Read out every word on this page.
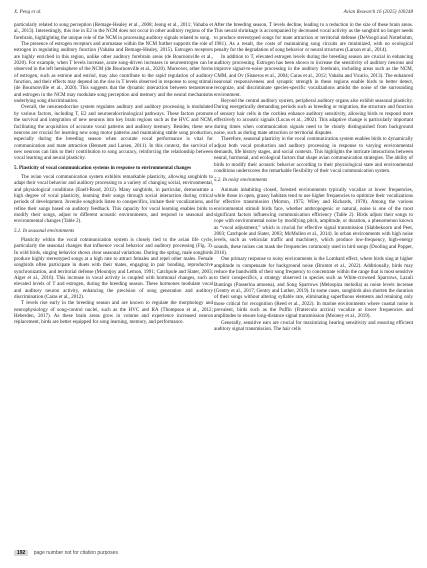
X. Peng et al.	Avian Research 16 (2025) 100248

particularly related to song perception (Remage-Healey et al., 2008; Jeong et al., 2011; Vahaba et al., 2013). Interestingly, this rise in E2 in the NCM does not occur in other auditory regions of the forebrain, highlighting the unique role of the NCM in processing auditory signals related to song.

The presence of estrogen receptors and aromatase within the NCM further supports the role of estrogen in regulating auditory function (Vahaba and Remage-Healey, 2015). Estrogen receptors are highly enriched in this region, unlike other auditory forebrain areas (de Bournonville et al., 2020). For example, when T levels increase, acute song-driven increases in neuroestrogen can be observed in the left hemisphere of the NCM (de Bournonville et al., 2020). Moreover, other forms of estrogen, such as estrone and estriol, may also contribute to the rapid regulation of auditory function, and their effects may depend on the rise in T levels observed in response to song stimuli (de Bournonville et al., 2020). This suggests that the dynamic interaction between testosterone and estrogen in the NCM may modulate song perception and memory and the neural mechanisms underlying song discrimination.

Overall, the neuroendocrine system regulates auditory and auditory processing is modulated by various factors, including T, E2 and neuroendocrinological pathways. These factors promote the survival and integration of new neurons into key brain regions such as the HVC and NCM, facilitating the acquisition of accurate vocal patterns and auditory memory. Besides, these new neurons are crucial for learning new song motor patterns and maintaining stable song production, especially during the breeding season when accurate vocal performance is vital for communication and mate attraction (Bennett and Larsen, 2011). In this context, the survival of new neurons can link to their contribution to song accuracy, reinforcing the relationship between vocal learning and neural plasticity.

5. Plasticity of vocal communication systems in response to environmental changes

The avian vocal communication system exhibits remarkable plasticity, allowing songbirds to adapt their vocal behavior and auditory processing to a variety of changing social, environmental, and physiological conditions (Enell-Rood, 2012). Many songbirds, in particular, demonstrate a high degree of vocal plasticity, learning their songs through social interaction during critical periods of development. Juvenile songbirds listen to conspecifics, imitate their vocalizations, and refine their songs based on auditory feedback. This capacity for vocal learning enables birds to modify their songs, adjust to different acoustic environments, and respond to seasonal and environmental changes (Table 2).

5.1. In seasonal environments

Plasticity within the vocal communication system is closely tied to the avian life cycle, particularly the seasonal changes that influence vocal behavior and auditory processing (Fig. 3). In wild birds, singing behavior shows clear seasonal variations. During the spring, male songbirds produce highly stereotyped songs at a high rate to attract females and repel other males. Female songbirds often participate in duets with their mates, engaging in pair bonding, reproductive synchronization, and territorial defense (Mountjoy and Lemon, 1991; Catchpole and Slater, 2003; Alger et al., 2016). This increase in vocal activity is coupled with hormonal changes, such as elevated levels of T and estrogen, during the breeding season. These hormones modulate vocal and auditory neuron activity, enhancing the precision of song generation and auditory discrimination (Caras et al., 2012).

T levels rise early in the breeding season and are known to regulate the morphology and neurophysiology of song-control nuclei, such as the HVC and RA (Thompson et al., 2012; Heberden, 2017). As these brain areas grow in volume and experience increased neuron replacement, birds are better equipped for song learning, memory, and performance.

After the breeding season, T levels decline, leading to a reduction in the size of these brain areas. This neural shrinkage is accompanied by decreased vocal activity as the songbird no longer needs to produce stereotyped songs for mate attraction or territorial defense (DeVoogd and Nottebohm, 1981). As a result, the costs of maintaining song circuits are minimized, with no ecological penalty for the degradation of song behavior or neural structures (Larson et al., 2014).

In addition to T, elevated estrogen levels during the breeding season are crucial in enhancing auditory processing. Estrogen has been shown to increase the sensitivity of auditory neurons and improve signal-to-noise processing in the auditory forebrain, including areas such as the NCM, CMM, and Ov (Sisneros et al., 2004; Caras et al., 2012; Vahaba and Vicario, 2013). The enhanced neuronal responsiveness and synaptic strength in these regions enable birds to better detect, recognize, and discriminate species-specific vocalizations amidst the noise of the surrounding environment.

Beyond the central auditory system, peripheral auditory organs also exhibit seasonal plasticity. During energetically demanding periods such as breeding or migration, the structure and function of sensory hair cells in the cochlea enhance auditory sensitivity, allowing birds to respond more effectively to acoustic signals (Lucas et al., 2002). This adaptive change is particularly important during times when communication signals need to be clearly distinguished from background noise, such as during mate attraction or territorial disputes.

Therefore, seasonal plasticity in the vocal communication system enables birds to dynamically adjust both vocal production and auditory processing in response to varying environmental demands, life history stages, and social contexts. This highlights the intricate interactions between neural, hormonal, and ecological factors that shape avian communication strategies. The ability of birds to modify their acoustic behavior according to their physiological state and environmental conditions underscores the remarkable flexibility of their vocal communication system.

5.2. In noisy environments

Animals inhabiting closed, forested environments typically vocalize at lower frequencies, while those in open, grassy habitats tend to use higher frequencies to optimize their vocalizations for effective transmission (Morton, 1975; Wiley and Richards, 1978). Among the various environmental stimuli birds face, whether anthropogenic or natural, noise is one of the most significant factors influencing communication efficiency (Table 2). Birds adjust their songs to cope with environmental noise by modifying pitch, amplitude, or duration, a phenomenon known as “vocal adjustment,” which is crucial for effective signal transmission (Slabbekoorn and Peet, 2003; Catchpole and Slater, 2003; McMullen et al., 2014). In urban environments with high noise levels, such as vehicular traffic and machinery, which produce low-frequency, high-energy sounds, these noises can mask the frequencies commonly used in bird songs (Dooling and Popper, 2016).

One primary response to noisy environments is the Lombard effect, where birds sing at higher amplitude to compensate for background noise (Brumm et al., 2022). Additionally, birds may reduce the bandwidth of their song frequency to concentrate within the range that is most sensitive to their conspecifics, a strategy observed in species such as White-crowned Sparrows, Lazuli Buntings (Passerina amoena), and Song Sparrows (Melospiza melodia) as noise levels increase (Gentry et al., 2017; Gentry and Luther, 2019). In some cases, songbirds also shorten the duration of their songs without altering syllable rate, eliminating superfluous elements and retaining only those critical for recognition (Reed et al., 2022). In marine environments where coastal noise is prevalent, birds such as the Puffin (Fratercula arctica) vocalize at lower frequencies and amplitudes to ensure long-distance signal transmission (Mooney et al., 2019).

Generally, sensitive ears are crucial for maximizing hearing sensitivity and ensuring efficient auditory signal transmission. The hair cells

192 page number not for citation purposes
